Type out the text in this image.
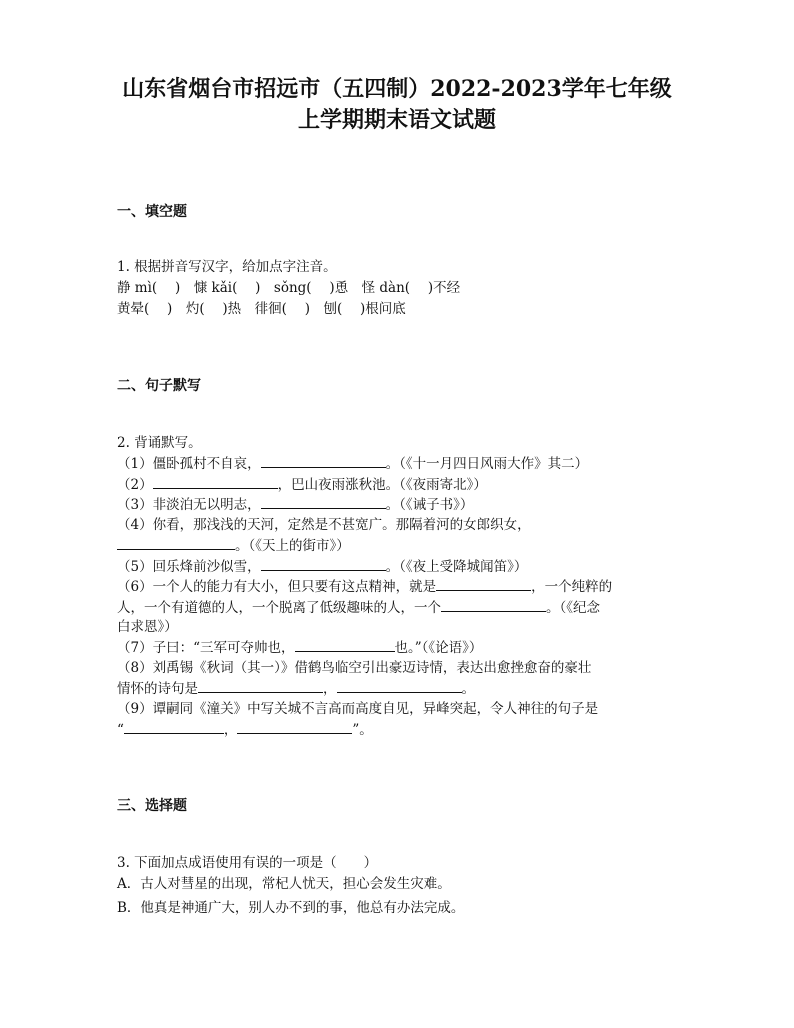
山东省烟台市招远市（五四制）2022-2023学年七年级
上学期期末语文试题
一、填空题
1. 根据拼音写汉字，给加点字注音。
静 mì(　 )　慷 kǎi(　 )　sǒng(　 )恿　怪 dàn(　 )不经
黄晕(　 )　灼(　 )热　徘徊(　 )　刨(　 )根问底
二、句子默写
2. 背诵默写。
（1）僵卧孤村不自哀，	。（《十一月四日风雨大作》其二）
（2）	，巴山夜雨涨秋池。（《夜雨寄北》）
（3）非淡泊无以明志，	。（《诫子书》）
（4）你看，那浅浅的天河，定然是不甚宽广。那隔着河的女郎织女，
。（《天上的街市》）
（5）回乐烽前沙似雪，	。（《夜上受降城闻笛》）
（6）一个人的能力有大小，但只要有这点精神，就是	，一个纯粹的
人，一个有道德的人，一个脱离了低级趣味的人，一个	。（《纪念
白求恩》）
（7）子曰：“三军可夺帅也，	也。”（《论语》）
（8）刘禹锡《秋词（其一）》借鹤鸟临空引出豪迈诗情，表达出愈挫愈奋的豪壮
情怀的诗句是	，	。
（9）谭嗣同《潼关》中写关城不言高而高度自见，异峰突起，令人神往的句子是
“	，	”。
三、选择题
3. 下面加点成语使用有误的一项是（　　）
A．古人对彗星的出现，常杞人忧天，担心会发生灾难。
B．他真是神通广大，别人办不到的事，他总有办法完成。
